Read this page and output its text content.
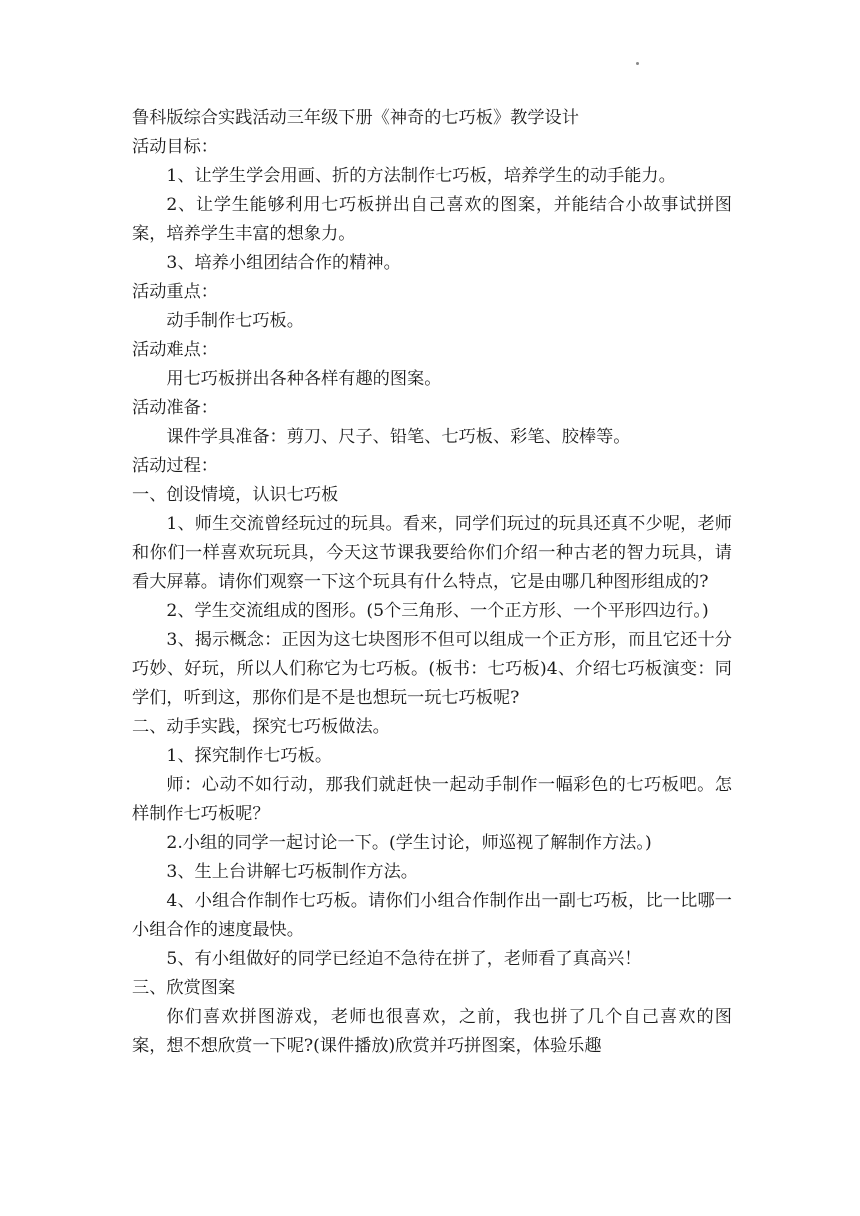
鲁科版综合实践活动三年级下册《神奇的七巧板》教学设计

活动目标：

1、让学生学会用画、折的方法制作七巧板，培养学生的动手能力。

2、让学生能够利用七巧板拼出自己喜欢的图案，并能结合小故事试拼图案，培养学生丰富的想象力。

3、培养小组团结合作的精神。

活动重点：

动手制作七巧板。

活动难点：

用七巧板拼出各种各样有趣的图案。

活动准备：

课件学具准备：剪刀、尺子、铅笔、七巧板、彩笔、胶棒等。

活动过程：

一、创设情境，认识七巧板

1、师生交流曾经玩过的玩具。看来，同学们玩过的玩具还真不少呢，老师和你们一样喜欢玩玩具，今天这节课我要给你们介绍一种古老的智力玩具，请看大屏幕。请你们观察一下这个玩具有什么特点，它是由哪几种图形组成的?

2、学生交流组成的图形。(5个三角形、一个正方形、一个平形四边行。)

3、揭示概念：正因为这七块图形不但可以组成一个正方形，而且它还十分巧妙、好玩，所以人们称它为七巧板。(板书：七巧板)4、介绍七巧板演变：同学们，听到这，那你们是不是也想玩一玩七巧板呢?

二、动手实践，探究七巧板做法。

1、探究制作七巧板。

师：心动不如行动，那我们就赶快一起动手制作一幅彩色的七巧板吧。怎样制作七巧板呢？

2.小组的同学一起讨论一下。(学生讨论，师巡视了解制作方法。)

3、生上台讲解七巧板制作方法。

4、小组合作制作七巧板。请你们小组合作制作出一副七巧板，比一比哪一小组合作的速度最快。

5、有小组做好的同学已经迫不急待在拼了，老师看了真高兴！

三、欣赏图案

你们喜欢拼图游戏，老师也很喜欢，之前，我也拼了几个自己喜欢的图案，想不想欣赏一下呢?(课件播放)欣赏并巧拼图案，体验乐趣
